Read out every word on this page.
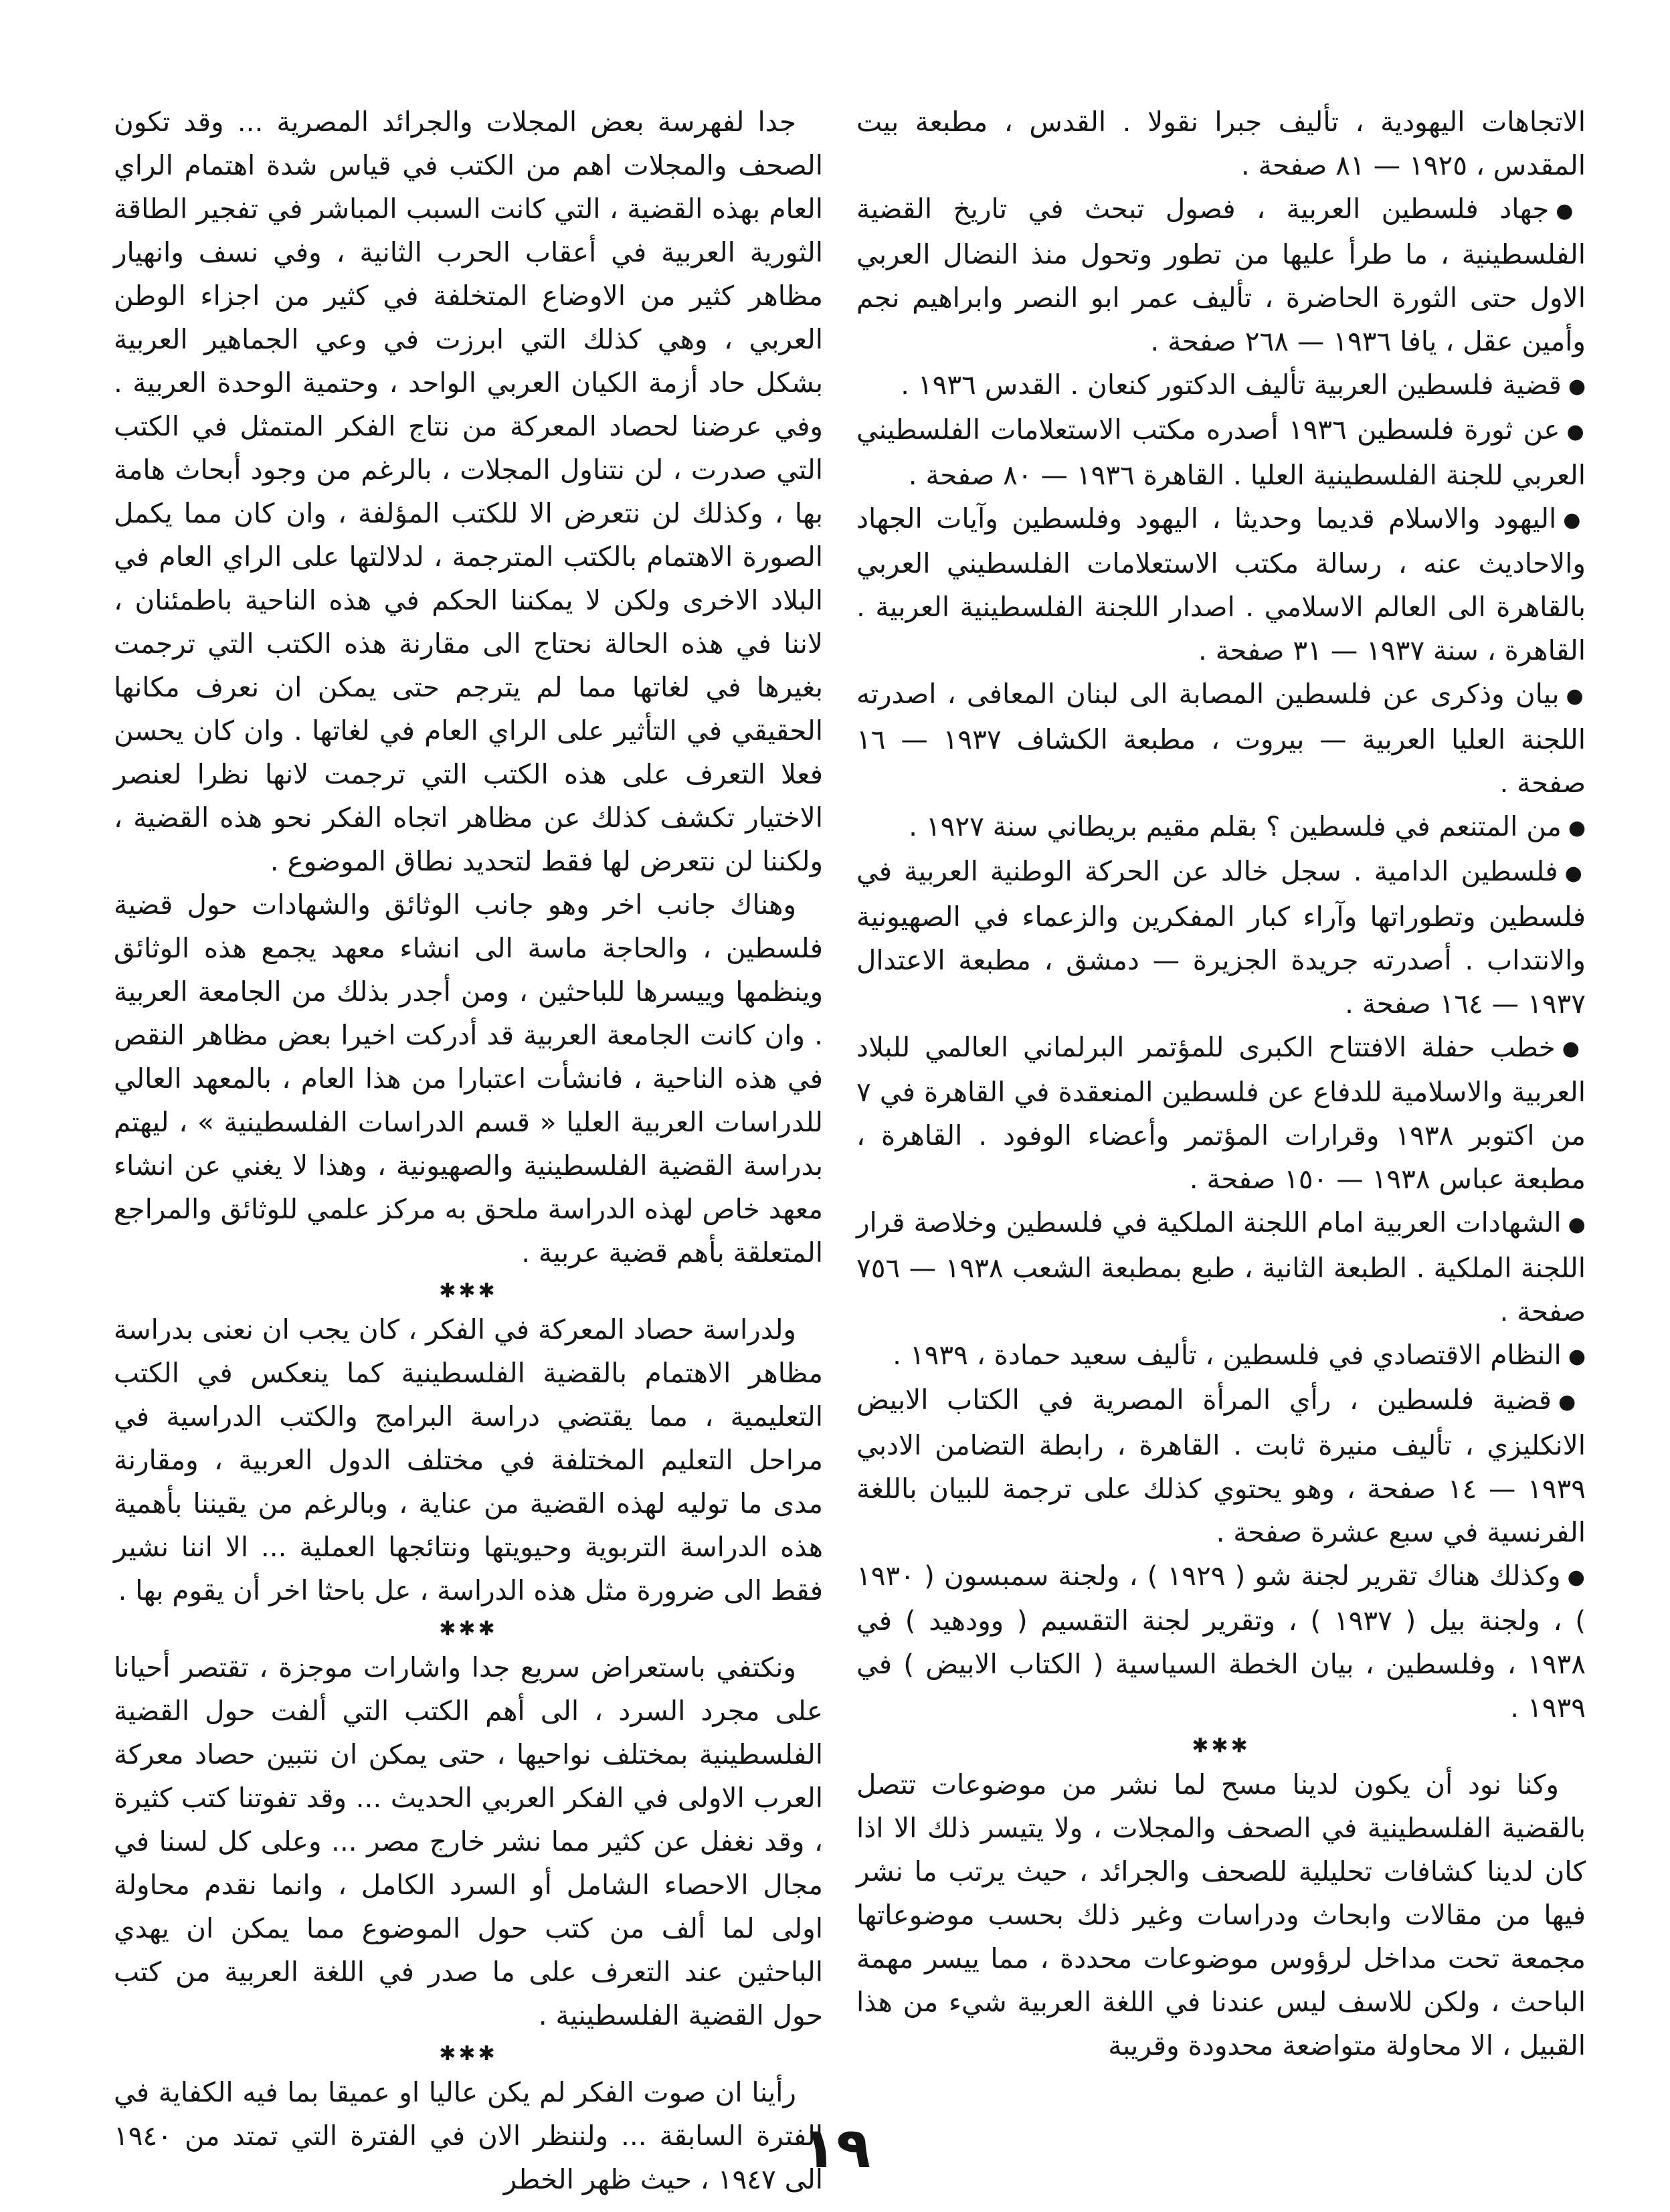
الاتجاهات اليهودية ، تأليف جبرا نقولا . القدس ، مطبعة بيت المقدس ، ١٩٢٥ — ٨١ صفحة .

●جهاد فلسطين العربية ، فصول تبحث في تاريخ القضية الفلسطينية ، ما طرأ عليها من تطور وتحول منذ النضال العربي الاول حتى الثورة الحاضرة ، تأليف عمر ابو النصر وابراهيم نجم وأمين عقل ، يافا ١٩٣٦ — ٢٦٨ صفحة .

●قضية فلسطين العربية تأليف الدكتور كنعان . القدس ١٩٣٦ .

●عن ثورة فلسطين ١٩٣٦ أصدره مكتب الاستعلامات الفلسطيني العربي للجنة الفلسطينية العليا . القاهرة ١٩٣٦ — ٨٠ صفحة .

●اليهود والاسلام قديما وحديثا ، اليهود وفلسطين وآيات الجهاد والاحاديث عنه ، رسالة مكتب الاستعلامات الفلسطيني العربي بالقاهرة الى العالم الاسلامي . اصدار اللجنة الفلسطينية العربية . القاهرة ، سنة ١٩٣٧ — ٣١ صفحة .

●بيان وذكرى عن فلسطين المصابة الى لبنان المعافى ، اصدرته اللجنة العليا العربية — بيروت ، مطبعة الكشاف ١٩٣٧ — ١٦ صفحة .

●من المتنعم في فلسطين ؟ بقلم مقيم بريطاني سنة ١٩٢٧ .

●فلسطين الدامية . سجل خالد عن الحركة الوطنية العربية في فلسطين وتطوراتها وآراء كبار المفكرين والزعماء في الصهيونية والانتداب . أصدرته جريدة الجزيرة — دمشق ، مطبعة الاعتدال ١٩٣٧ — ١٦٤ صفحة .

●خطب حفلة الافتتاح الكبرى للمؤتمر البرلماني العالمي للبلاد العربية والاسلامية للدفاع عن فلسطين المنعقدة في القاهرة في ٧ من اكتوبر ١٩٣٨ وقرارات المؤتمر وأعضاء الوفود . القاهرة ، مطبعة عباس ١٩٣٨ — ١٥٠ صفحة .

●الشهادات العربية امام اللجنة الملكية في فلسطين وخلاصة قرار اللجنة الملكية . الطبعة الثانية ، طبع بمطبعة الشعب ١٩٣٨ — ٧٥٦ صفحة .

●النظام الاقتصادي في فلسطين ، تأليف سعيد حمادة ، ١٩٣٩ .

●قضية فلسطين ، رأي المرأة المصرية في الكتاب الابيض الانكليزي ، تأليف منيرة ثابت . القاهرة ، رابطة التضامن الادبي ١٩٣٩ — ١٤ صفحة ، وهو يحتوي كذلك على ترجمة للبيان باللغة الفرنسية في سبع عشرة صفحة .

●وكذلك هناك تقرير لجنة شو ( ١٩٢٩ ) ، ولجنة سمبسون ( ١٩٣٠ ) ، ولجنة بيل ( ١٩٣٧ ) ، وتقرير لجنة التقسيم ( وودهيد ) في ١٩٣٨ ، وفلسطين ، بيان الخطة السياسية ( الكتاب الابيض ) في ١٩٣٩ .

✱✱✱

وكنا نود أن يكون لدينا مسح لما نشر من موضوعات تتصل بالقضية الفلسطينية في الصحف والمجلات ، ولا يتيسر ذلك الا اذا كان لدينا كشافات تحليلية للصحف والجرائد ، حيث يرتب ما نشر فيها من مقالات وابحاث ودراسات وغير ذلك بحسب موضوعاتها مجمعة تحت مداخل لرؤوس موضوعات محددة ، مما ييسر مهمة الباحث ، ولكن للاسف ليس عندنا في اللغة العربية شيء من هذا القبيل ، الا محاولة متواضعة محدودة وقريبة

جدا لفهرسة بعض المجلات والجرائد المصرية ... وقد تكون الصحف والمجلات اهم من الكتب في قياس شدة اهتمام الراي العام بهذه القضية ، التي كانت السبب المباشر في تفجير الطاقة الثورية العربية في أعقاب الحرب الثانية ، وفي نسف وانهيار مظاهر كثير من الاوضاع المتخلفة في كثير من اجزاء الوطن العربي ، وهي كذلك التي ابرزت في وعي الجماهير العربية بشكل حاد أزمة الكيان العربي الواحد ، وحتمية الوحدة العربية . وفي عرضنا لحصاد المعركة من نتاج الفكر المتمثل في الكتب التي صدرت ، لن نتناول المجلات ، بالرغم من وجود أبحاث هامة بها ، وكذلك لن نتعرض الا للكتب المؤلفة ، وان كان مما يكمل الصورة الاهتمام بالكتب المترجمة ، لدلالتها على الراي العام في البلاد الاخرى ولكن لا يمكننا الحكم في هذه الناحية باطمئنان ، لاننا في هذه الحالة نحتاج الى مقارنة هذه الكتب التي ترجمت بغيرها في لغاتها مما لم يترجم حتى يمكن ان نعرف مكانها الحقيقي في التأثير على الراي العام في لغاتها . وان كان يحسن فعلا التعرف على هذه الكتب التي ترجمت لانها نظرا لعنصر الاختيار تكشف كذلك عن مظاهر اتجاه الفكر نحو هذه القضية ، ولكننا لن نتعرض لها فقط لتحديد نطاق الموضوع .

وهناك جانب اخر وهو جانب الوثائق والشهادات حول قضية فلسطين ، والحاجة ماسة الى انشاء معهد يجمع هذه الوثائق وينظمها وييسرها للباحثين ، ومن أجدر بذلك من الجامعة العربية . وان كانت الجامعة العربية قد أدركت اخيرا بعض مظاهر النقص في هذه الناحية ، فانشأت اعتبارا من هذا العام ، بالمعهد العالي للدراسات العربية العليا « قسم الدراسات الفلسطينية » ، ليهتم بدراسة القضية الفلسطينية والصهيونية ، وهذا لا يغني عن انشاء معهد خاص لهذه الدراسة ملحق به مركز علمي للوثائق والمراجع المتعلقة بأهم قضية عربية .

✱✱✱

ولدراسة حصاد المعركة في الفكر ، كان يجب ان نعنى بدراسة مظاهر الاهتمام بالقضية الفلسطينية كما ينعكس في الكتب التعليمية ، مما يقتضي دراسة البرامج والكتب الدراسية في مراحل التعليم المختلفة في مختلف الدول العربية ، ومقارنة مدى ما توليه لهذه القضية من عناية ، وبالرغم من يقيننا بأهمية هذه الدراسة التربوية وحيويتها ونتائجها العملية ... الا اننا نشير فقط الى ضرورة مثل هذه الدراسة ، عل باحثا اخر أن يقوم بها .

✱✱✱

ونكتفي باستعراض سريع جدا واشارات موجزة ، تقتصر أحيانا على مجرد السرد ، الى أهم الكتب التي ألفت حول القضية الفلسطينية بمختلف نواحيها ، حتى يمكن ان نتبين حصاد معركة العرب الاولى في الفكر العربي الحديث ... وقد تفوتنا كتب كثيرة ، وقد نغفل عن كثير مما نشر خارج مصر ... وعلى كل لسنا في مجال الاحصاء الشامل أو السرد الكامل ، وانما نقدم محاولة اولى لما ألف من كتب حول الموضوع مما يمكن ان يهدي الباحثين عند التعرف على ما صدر في اللغة العربية من كتب حول القضية الفلسطينية .

✱✱✱

رأينا ان صوت الفكر لم يكن عاليا او عميقا بما فيه الكفاية في الفترة السابقة ... ولننظر الان في الفترة التي تمتد من ١٩٤٠ الى ١٩٤٧ ، حيث ظهر الخطر

١٩
